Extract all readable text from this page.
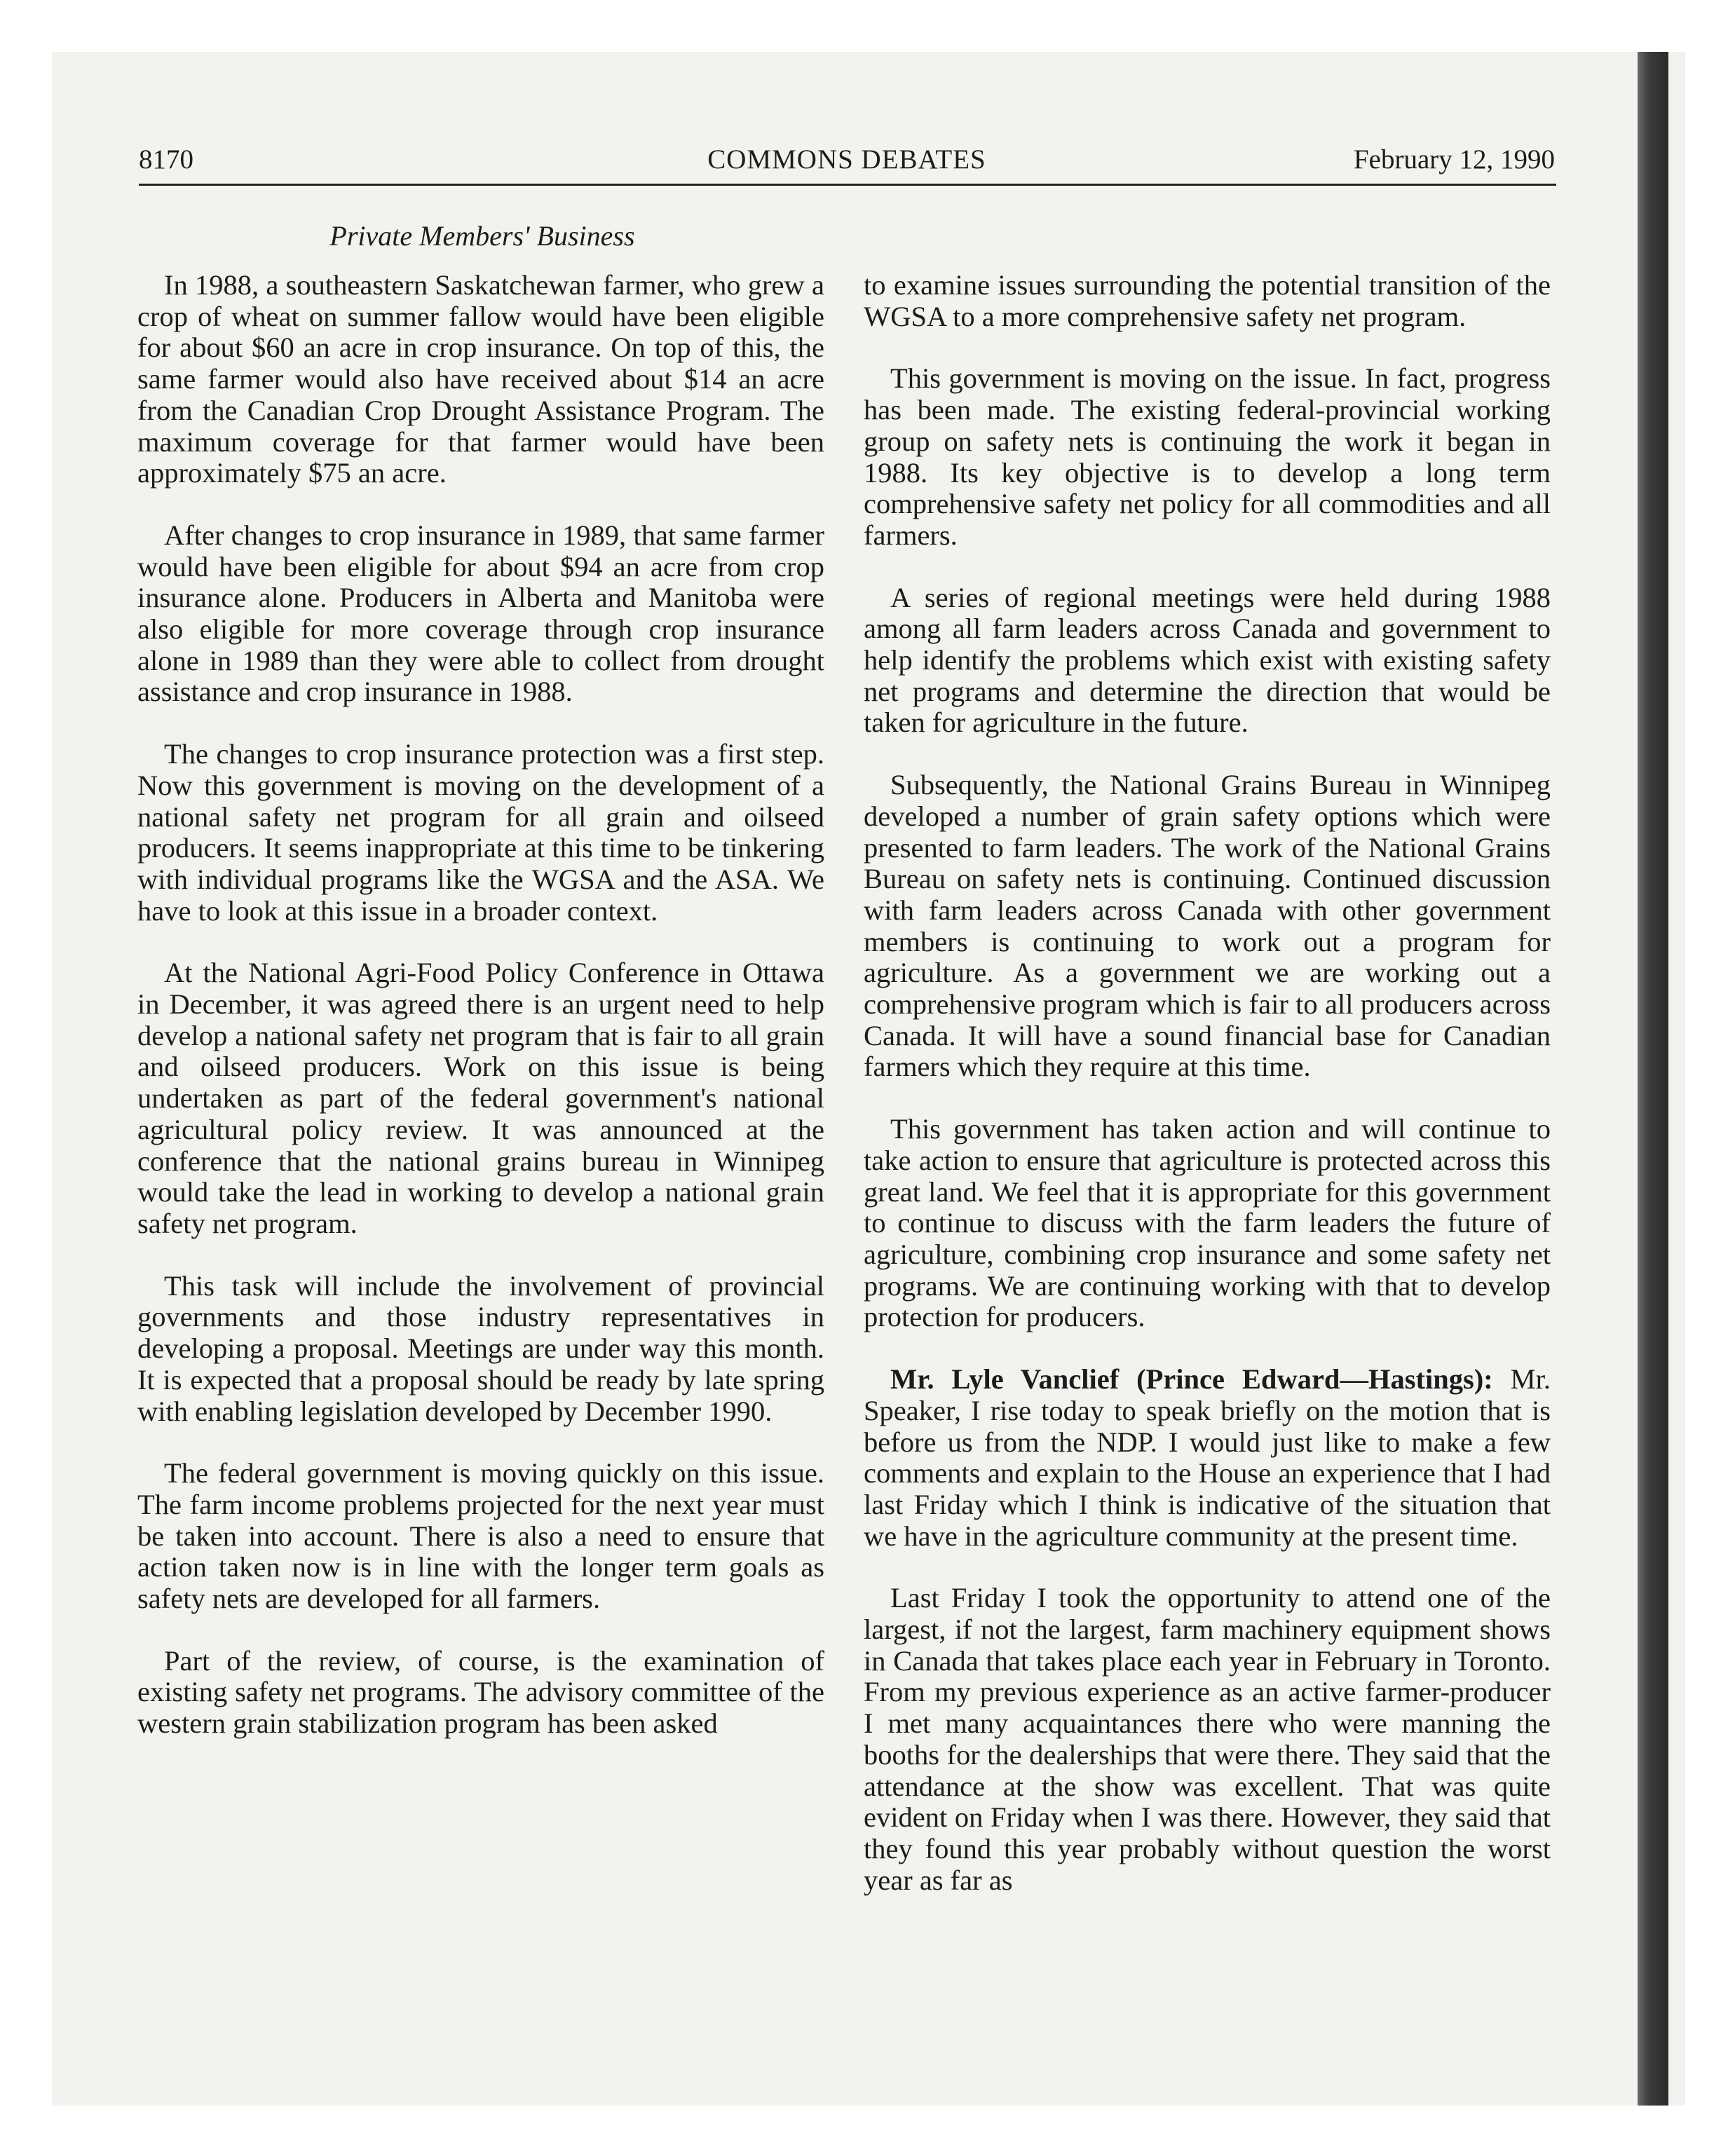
8170	COMMONS DEBATES	February 12, 1990
Private Members' Business

In 1988, a southeastern Saskatchewan farmer, who grew a crop of wheat on summer fallow would have been eligible for about $60 an acre in crop insurance. On top of this, the same farmer would also have received about $14 an acre from the Canadian Crop Drought Assistance Program. The maximum coverage for that farmer would have been approximately $75 an acre.

After changes to crop insurance in 1989, that same farmer would have been eligible for about $94 an acre from crop insurance alone. Producers in Alberta and Manitoba were also eligible for more coverage through crop insurance alone in 1989 than they were able to collect from drought assistance and crop insurance in 1988.

The changes to crop insurance protection was a first step. Now this government is moving on the development of a national safety net program for all grain and oilseed producers. It seems inappropriate at this time to be tinkering with individual programs like the WGSA and the ASA. We have to look at this issue in a broader context.

At the National Agri-Food Policy Conference in Ottawa in December, it was agreed there is an urgent need to help develop a national safety net program that is fair to all grain and oilseed producers. Work on this issue is being undertaken as part of the federal government's national agricultural policy review. It was announced at the conference that the national grains bureau in Winnipeg would take the lead in working to develop a national grain safety net program.

This task will include the involvement of provincial governments and those industry representatives in developing a proposal. Meetings are under way this month. It is expected that a proposal should be ready by late spring with enabling legislation developed by December 1990.

The federal government is moving quickly on this issue. The farm income problems projected for the next year must be taken into account. There is also a need to ensure that action taken now is in line with the longer term goals as safety nets are developed for all farmers.

Part of the review, of course, is the examination of existing safety net programs. The advisory committee of the western grain stabilization program has been asked

to examine issues surrounding the potential transition of the WGSA to a more comprehensive safety net program.

This government is moving on the issue. In fact, progress has been made. The existing federal-provincial working group on safety nets is continuing the work it began in 1988. Its key objective is to develop a long term comprehensive safety net policy for all commodities and all farmers.

A series of regional meetings were held during 1988 among all farm leaders across Canada and government to help identify the problems which exist with existing safety net programs and determine the direction that would be taken for agriculture in the future.

Subsequently, the National Grains Bureau in Winnipeg developed a number of grain safety options which were presented to farm leaders. The work of the National Grains Bureau on safety nets is continuing. Continued discussion with farm leaders across Canada with other government members is continuing to work out a program for agriculture. As a government we are working out a comprehensive program which is fair to all producers across Canada. It will have a sound financial base for Canadian farmers which they require at this time.

This government has taken action and will continue to take action to ensure that agriculture is protected across this great land. We feel that it is appropriate for this government to continue to discuss with the farm leaders the future of agriculture, combining crop insurance and some safety net programs. We are continuing working with that to develop protection for producers.

Mr. Lyle Vanclief (Prince Edward—Hastings): Mr. Speaker, I rise today to speak briefly on the motion that is before us from the NDP. I would just like to make a few comments and explain to the House an experience that I had last Friday which I think is indicative of the situation that we have in the agriculture community at the present time.

Last Friday I took the opportunity to attend one of the largest, if not the largest, farm machinery equipment shows in Canada that takes place each year in February in Toronto. From my previous experience as an active farmer-producer I met many acquaintances there who were manning the booths for the dealerships that were there. They said that the attendance at the show was excellent. That was quite evident on Friday when I was there. However, they said that they found this year probably without question the worst year as far as
